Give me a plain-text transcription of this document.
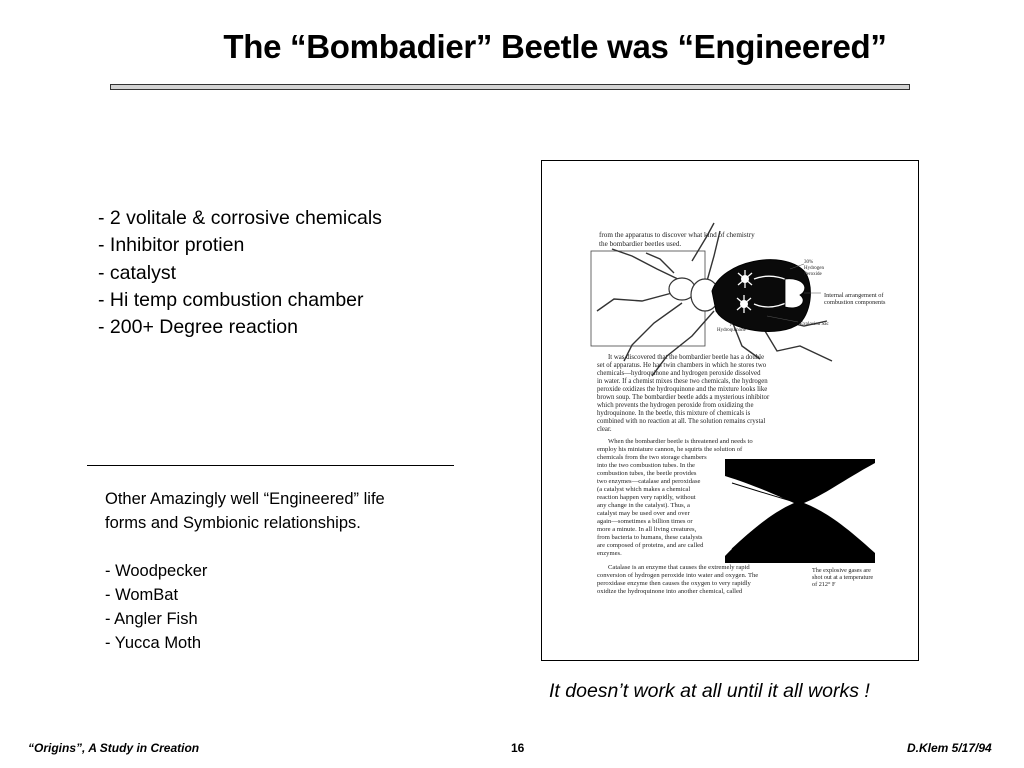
The “Bombadier” Beetle was “Engineered”
- 2 volitale & corrosive chemicals
- Inhibitor protien
- catalyst
- Hi temp combustion chamber
- 200+ Degree reaction
Other Amazingly well “Engineered” life
forms and Symbionic relationships.
- Woodpecker
- WomBat
- Angler Fish
- Yucca Moth
from the apparatus to discover what kind of chemistry
the bombardier beetles used.
30%
Hydrogen
Peroxide
Internal arrangement of
combustion components
Explosion Sac
Hydroquinone
It was discovered that the bombardier beetle has a double
set of apparatus. He has twin chambers in which he stores two
chemicals—hydroquinone and hydrogen peroxide dissolved
in water. If a chemist mixes these two chemicals, the hydrogen
peroxide oxidizes the hydroquinone and the mixture looks like
brown soup. The bombardier beetle adds a mysterious inhibitor
which prevents the hydrogen peroxide from oxidizing the
hydroquinone. In the beetle, this mixture of chemicals is
combined with no reaction at all. The solution remains crystal
clear.
When the bombardier beetle is threatened and needs to
employ his miniature cannon, he squirts the solution of
chemicals from the two storage chambers
into the two combustion tubes. In the
combustion tubes, the beetle provides
two enzymes—catalase and peroxidase
(a catalyst which makes a chemical
reaction happen very rapidly, without
any change in the catalyst). Thus, a
catalyst may be used over and over
again—sometimes a billion times or
more a minute. In all living creatures,
from bacteria to humans, these catalysts
are composed of proteins, and are called
enzymes.
The explosive gases are
shot out at a temperature
of 212° F
Catalase is an enzyme that causes the extremely rapid
conversion of hydrogen peroxide into water and oxygen. The
peroxidase enzyme then causes the oxygen to very rapidly
oxidize the hydroquinone into another chemical, called
It doesn’t work at all until it all works !
“Origins”, A Study in Creation	16	D.Klem 5/17/94
